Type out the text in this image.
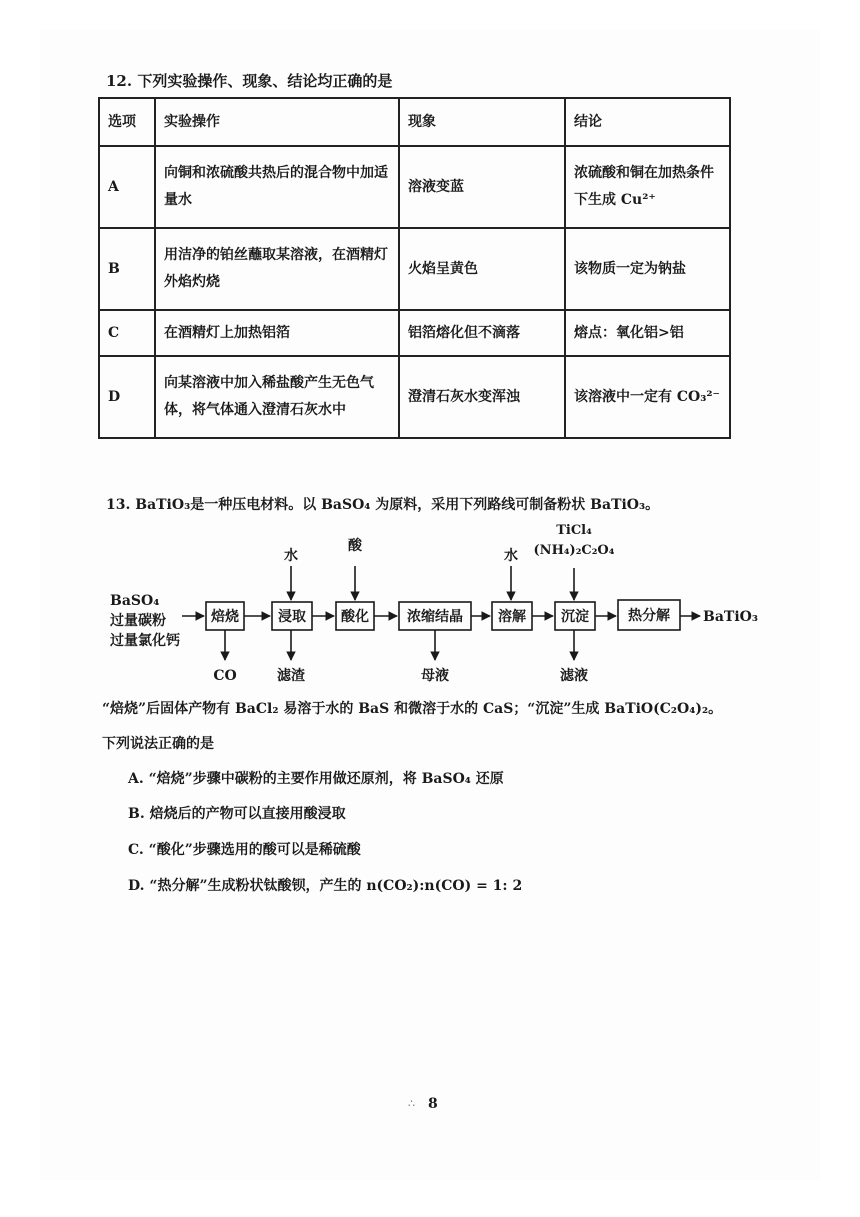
12. 下列实验操作、现象、结论均正确的是
选项	实验操作	现象	结论
A	向铜和浓硫酸共热后的混合物中加适量水	溶液变蓝	浓硫酸和铜在加热条件下生成 Cu²⁺
B	用洁净的铂丝蘸取某溶液，在酒精灯外焰灼烧	火焰呈黄色	该物质一定为钠盐
C	在酒精灯上加热铝箔	铝箔熔化但不滴落	熔点：氧化铝>铝
D	向某溶液中加入稀盐酸产生无色气体，将气体通入澄清石灰水中	澄清石灰水变浑浊	该溶液中一定有 CO₃²⁻
13. BaTiO₃是一种压电材料。以 BaSO₄ 为原料，采用下列路线可制备粉状 BaTiO₃。
BaSO₄
过量碳粉
过量氯化钙
焙烧	浸取	酸化	浓缩结晶	溶解	沉淀	热分解
水
酸
水
TiCl₄
(NH₄)₂C₂O₄
CO	滤渣	母液	滤液
BaTiO₃
“焙烧”后固体产物有 BaCl₂ 易溶于水的 BaS 和微溶于水的 CaS；“沉淀”生成 BaTiO(C₂O₄)₂。
下列说法正确的是
A. “焙烧”步骤中碳粉的主要作用做还原剂，将 BaSO₄ 还原
B. 焙烧后的产物可以直接用酸浸取
C. “酸化”步骤选用的酸可以是稀硫酸
D. “热分解”生成粉状钛酸钡，产生的 n(CO₂):n(CO) = 1: 2
∴ 8
